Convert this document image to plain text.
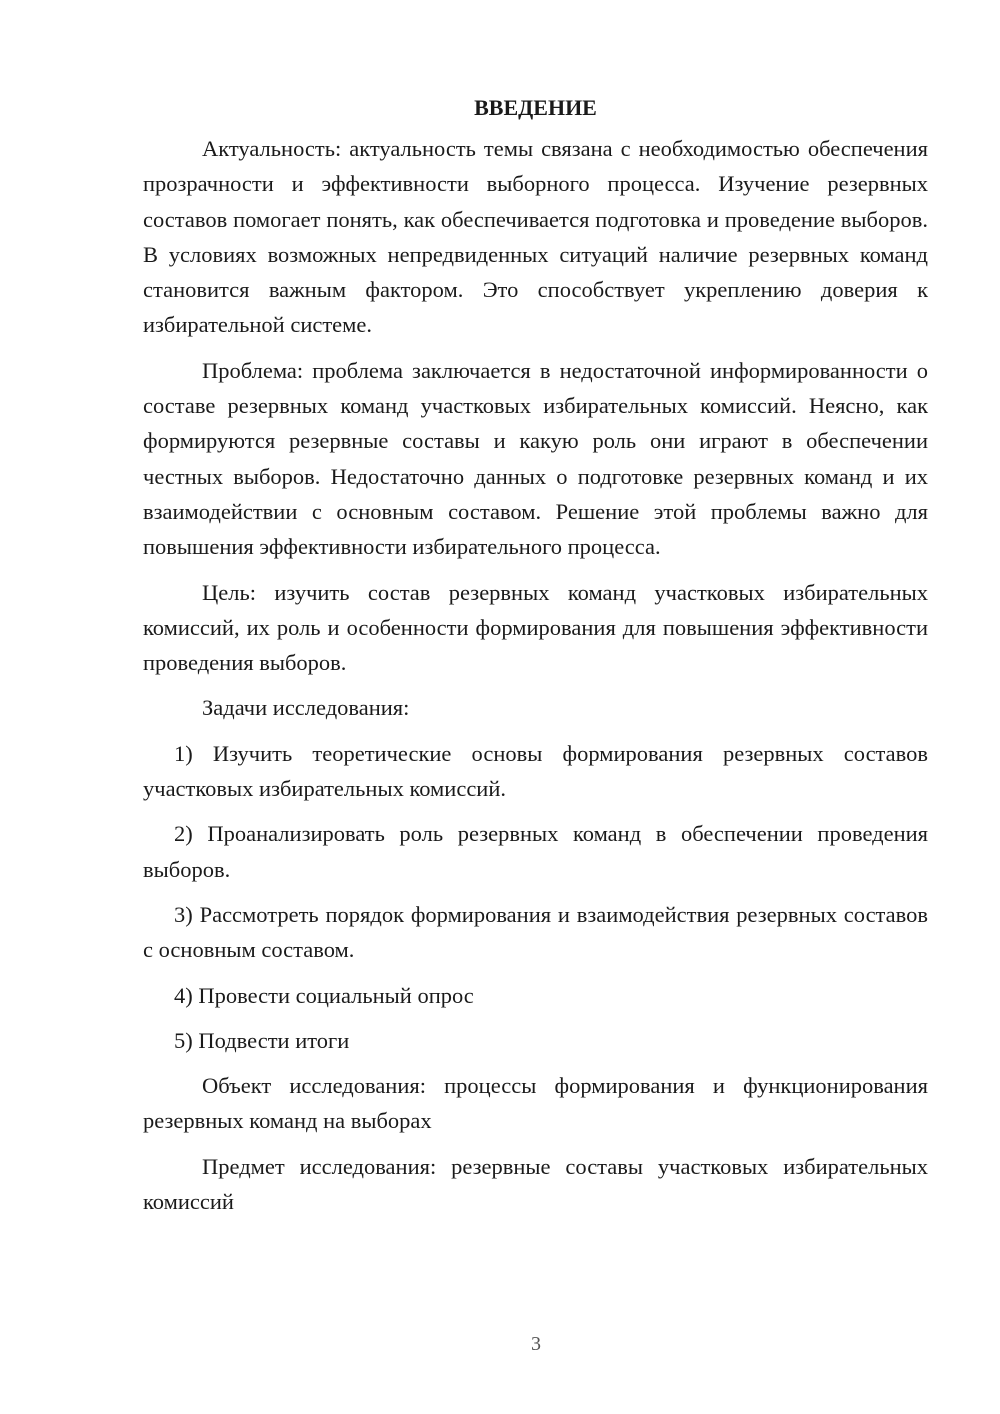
ВВЕДЕНИЕ

Актуальность: актуальность темы связана с необходимостью обеспечения прозрачности и эффективности выборного процесса. Изучение резервных составов помогает понять, как обеспечивается подготовка и проведение выборов. В условиях возможных непредвиденных ситуаций наличие резервных команд становится важным фактором. Это способствует укреплению доверия к избирательной системе.

Проблема: проблема заключается в недостаточной информированности о составе резервных команд участковых избирательных комиссий. Неясно, как формируются резервные составы и какую роль они играют в обеспечении честных выборов. Недостаточно данных о подготовке резервных команд и их взаимодействии с основным составом. Решение этой проблемы важно для повышения эффективности избирательного процесса.

Цель: изучить состав резервных команд участковых избирательных комиссий, их роль и особенности формирования для повышения эффективности проведения выборов.

Задачи исследования:

1) Изучить теоретические основы формирования резервных составов участковых избирательных комиссий.

2) Проанализировать роль резервных команд в обеспечении проведения выборов.

3) Рассмотреть порядок формирования и взаимодействия резервных составов с основным составом.

4) Провести социальный опрос

5) Подвести итоги

Объект исследования: процессы формирования и функционирования резервных команд на выборах

Предмет исследования: резервные составы участковых избирательных комиссий

3
